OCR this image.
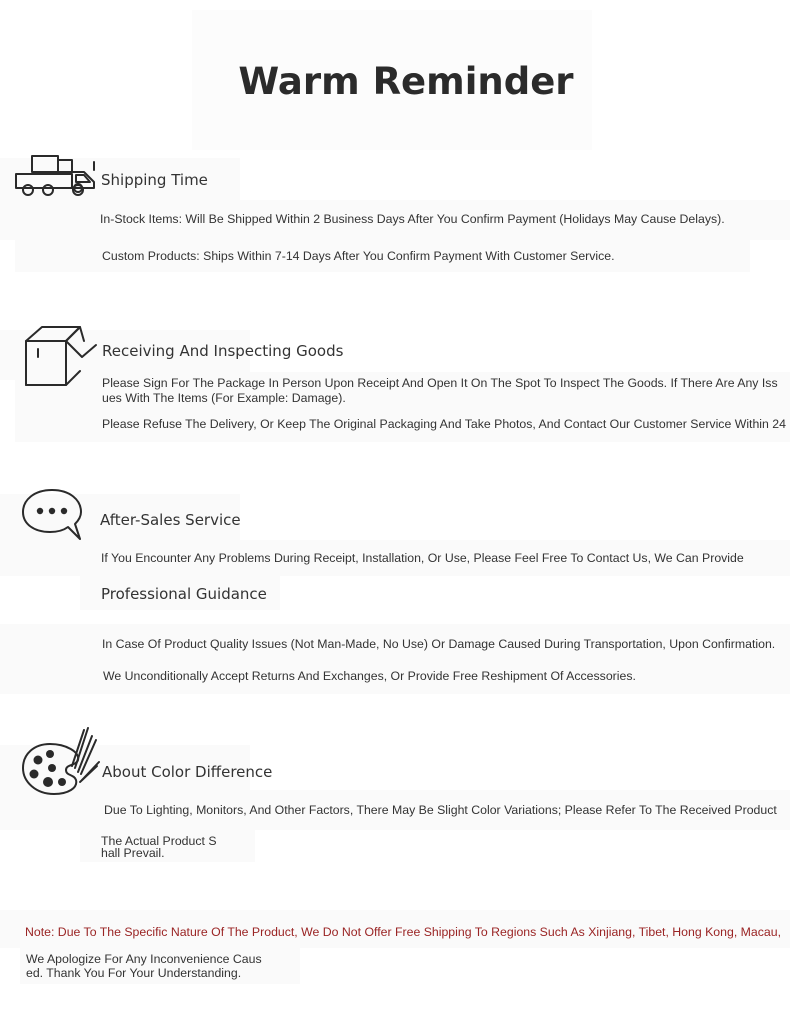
Warm Reminder
Shipping Time
In-Stock Items: Will Be Shipped Within 2 Business Days After You Confirm Payment (Holidays May Cause Delays).
Custom Products: Ships Within 7-14 Days After You Confirm Payment With Customer Service.
Receiving And Inspecting Goods
Please Sign For The Package In Person Upon Receipt And Open It On The Spot To Inspect The Goods. If There Are Any Issues With The Items (For Example: Damage).
Please Refuse The Delivery, Or Keep The Original Packaging And Take Photos, And Contact Our Customer Service Within 24
After-Sales Service
If You Encounter Any Problems During Receipt, Installation, Or Use, Please Feel Free To Contact Us, We Can Provide
Professional Guidance
In Case Of Product Quality Issues (Not Man-Made, No Use) Or Damage Caused During Transportation, Upon Confirmation.
We Unconditionally Accept Returns And Exchanges, Or Provide Free Reshipment Of Accessories.
About Color Difference
Due To Lighting, Monitors, And Other Factors, There May Be Slight Color Variations; Please Refer To The Received Product
The Actual Product Shall Prevail.
Note: Due To The Specific Nature Of The Product, We Do Not Offer Free Shipping To Regions Such As Xinjiang, Tibet, Hong Kong, Macau,
We Apologize For Any Inconvenience Caused. Thank You For Your Understanding.
